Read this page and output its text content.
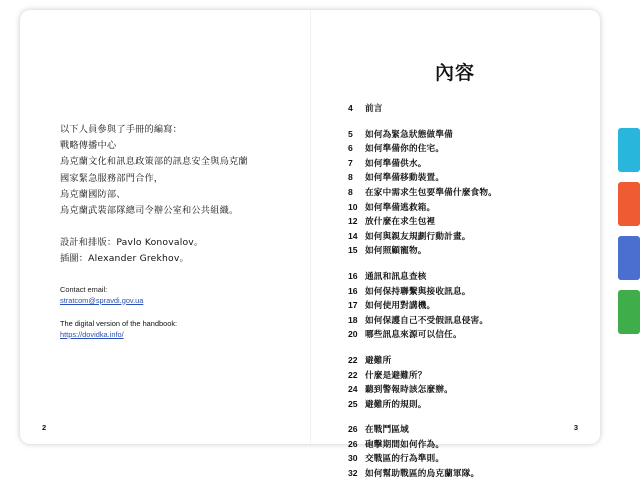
以下人員參與了手冊的編寫：
戰略傳播中心
烏克蘭文化和訊息政策部的訊息安全與烏克蘭
國家緊急服務部門合作，
烏克蘭國防部、
烏克蘭武裝部隊總司令辦公室和公共組織。
設計和排版：Pavlo Konovalov。
插圖：Alexander Grekhov。
Contact email:
stratcom@spravdi.gov.ua
The digital version of the handbook:
https://dovidka.info/
2
內容
4	前言
5	如何為緊急狀態做準備
6	如何準備你的住宅。
7	如何準備供水。
8	如何準備移動裝置。
8	在家中需求生包要準備什麼食物。
10 如何準備逃救箱。
12 放什麼在求生包裡
14 如何與親友規劃行動計畫。
15 如何照顧寵物。
16 通訊和訊息查核
16 如何保持聯繫與接收訊息。
17 如何使用對講機。
18 如何保護自己不受假訊息侵害。
20 哪些訊息來源可以信任。
22 避難所
22 什麼是避難所？
24 聽到警報時該怎麼辦。
25 避難所的規則。
26 在戰鬥區域
26 砲擊期間如何作為。
30 交戰區的行為準則。
32 如何幫助戰區的烏克蘭軍隊。
3
